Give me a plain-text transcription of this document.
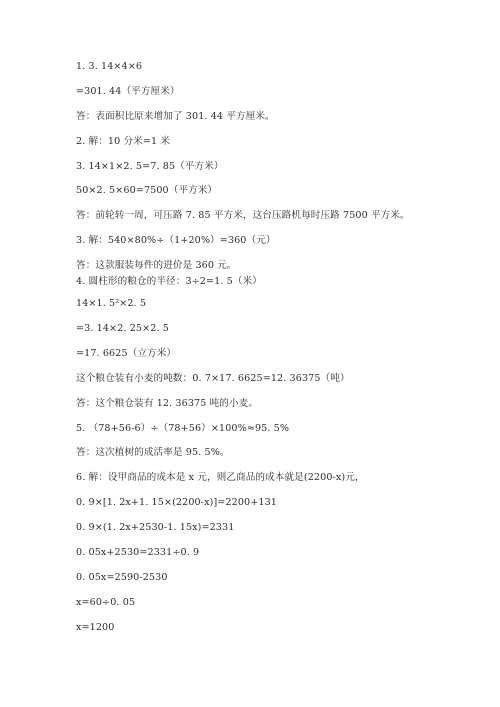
1. 3. 14×4×6
=301. 44（平方厘米）
答：表面积比原来增加了 301. 44 平方厘米。
2. 解：10 分米=1 米
3. 14×1×2. 5=7. 85（平方米）
50×2. 5×60=7500（平方米）
答：前轮转一周，可压路 7. 85 平方米，这台压路机每时压路 7500 平方米。
3. 解：540×80%÷（1+20%）=360（元）
答：这款服装每件的进价是 360 元。
4. 圆柱形的粮仓的半径：3÷2=1. 5（米）
14×1. 5²×2. 5
=3. 14×2. 25×2. 5
=17. 6625（立方米）
这个粮仓装有小麦的吨数：0. 7×17. 6625=12. 36375（吨）
答：这个粮仓装有 12. 36375 吨的小麦。
5. （78+56-6）÷（78+56）×100%≈95. 5%
答：这次植树的成活率是 95. 5%。
6. 解：设甲商品的成本是 x 元，则乙商品的成本就是(2200-x)元，
0. 9×[1. 2x+1. 15×(2200-x)]=2200+131
0. 9×(1. 2x+2530-1. 15x)=2331
0. 05x+2530=2331÷0. 9
0. 05x=2590-2530
x=60÷0. 05
x=1200
